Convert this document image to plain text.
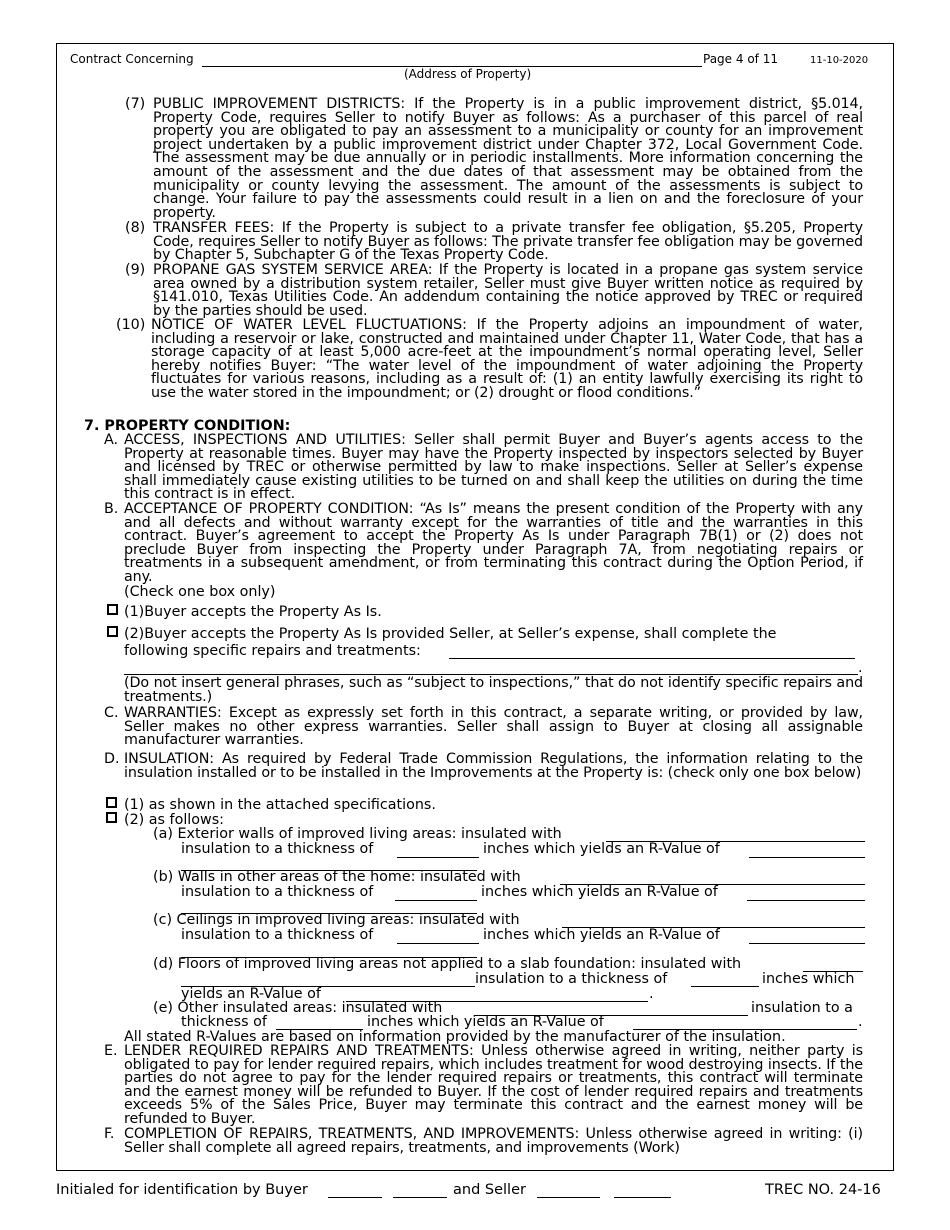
Contract Concerning	Page 4 of 11	11-10-2020
(Address of Property)
(7) PUBLIC IMPROVEMENT DISTRICTS: If the Property is in a public improvement district, §5.014, Property Code, requires Seller to notify Buyer as follows: As a purchaser of this parcel of real property you are obligated to pay an assessment to a municipality or county for an improvement project undertaken by a public improvement district under Chapter 372, Local Government Code. The assessment may be due annually or in periodic installments. More information concerning the amount of the assessment and the due dates of that assessment may be obtained from the municipality or county levying the assessment. The amount of the assessments is subject to change. Your failure to pay the assessments could result in a lien on and the foreclosure of your property.

(8) TRANSFER FEES: If the Property is subject to a private transfer fee obligation, §5.205, Property Code, requires Seller to notify Buyer as follows: The private transfer fee obligation may be governed by Chapter 5, Subchapter G of the Texas Property Code.

(9) PROPANE GAS SYSTEM SERVICE AREA: If the Property is located in a propane gas system service area owned by a distribution system retailer, Seller must give Buyer written notice as required by §141.010, Texas Utilities Code. An addendum containing the notice approved by TREC or required by the parties should be used.

(10) NOTICE OF WATER LEVEL FLUCTUATIONS: If the Property adjoins an impoundment of water, including a reservoir or lake, constructed and maintained under Chapter 11, Water Code, that has a storage capacity of at least 5,000 acre-feet at the impoundment’s normal operating level, Seller hereby notifies Buyer: “The water level of the impoundment of water adjoining the Property fluctuates for various reasons, including as a result of: (1) an entity lawfully exercising its right to use the water stored in the impoundment; or (2) drought or flood conditions.”

7. PROPERTY CONDITION:
A. ACCESS, INSPECTIONS AND UTILITIES: Seller shall permit Buyer and Buyer’s agents access to the Property at reasonable times. Buyer may have the Property inspected by inspectors selected by Buyer and licensed by TREC or otherwise permitted by law to make inspections. Seller at Seller’s expense shall immediately cause existing utilities to be turned on and shall keep the utilities on during the time this contract is in effect.

B. ACCEPTANCE OF PROPERTY CONDITION: “As Is” means the present condition of the Property with any and all defects and without warranty except for the warranties of title and the warranties in this contract. Buyer’s agreement to accept the Property As Is under Paragraph 7B(1) or (2) does not preclude Buyer from inspecting the Property under Paragraph 7A, from negotiating repairs or treatments in a subsequent amendment, or from terminating this contract during the Option Period, if any.

(Check one box only)
(1)Buyer accepts the Property As Is.
(2)Buyer accepts the Property As Is provided Seller, at Seller’s expense, shall complete the
following specific repairs and treatments:
.

(Do not insert general phrases, such as “subject to inspections,” that do not identify specific repairs and treatments.)

C. WARRANTIES: Except as expressly set forth in this contract, a separate writing, or provided by law, Seller makes no other express warranties. Seller shall assign to Buyer at closing all assignable manufacturer warranties.

D. INSULATION: As required by Federal Trade Commission Regulations, the information relating to the insulation installed or to be installed in the Improvements at the Property is: (check only one box below)

(1) as shown in the attached specifications.
(2) as follows:
(a) Exterior walls of improved living areas: insulated with
insulation to a thickness of	inches which yields an R-Value of
(b) Walls in other areas of the home: insulated with
insulation to a thickness of	inches which yields an R-Value of
(c) Ceilings in improved living areas: insulated with
insulation to a thickness of	inches which yields an R-Value of
(d) Floors of improved living areas not applied to a slab foundation: insulated with
insulation to a thickness of	inches which
yields an R-Value of	.
(e) Other insulated areas: insulated with	insulation to a
thickness of	inches which yields an R-Value of	.
All stated R-Values are based on information provided by the manufacturer of the insulation.
E. LENDER REQUIRED REPAIRS AND TREATMENTS: Unless otherwise agreed in writing, neither party is obligated to pay for lender required repairs, which includes treatment for wood destroying insects. If the parties do not agree to pay for the lender required repairs or treatments, this contract will terminate and the earnest money will be refunded to Buyer. If the cost of lender required repairs and treatments exceeds 5% of the Sales Price, Buyer may terminate this contract and the earnest money will be refunded to Buyer.

F. COMPLETION OF REPAIRS, TREATMENTS, AND IMPROVEMENTS: Unless otherwise agreed in writing: (i) Seller shall complete all agreed repairs, treatments, and improvements (Work)

Initialed for identification by Buyer	and Seller	TREC NO. 24-16
